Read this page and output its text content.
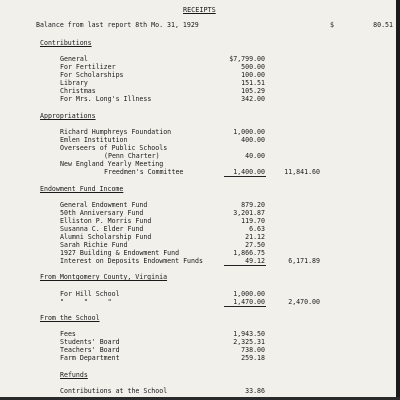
RECEIPTS
Balance from last report 8th Mo. 31, 1929	$	80.51
Contributions
General	$7,799.00
For Fertilizer	500.00
For Scholarships	100.00
Library	151.51
Christmas	105.29
For Mrs. Long's Illness	342.00
Appropriations
Richard Humphreys Foundation	1,000.00
Emlen Institution	400.00
Overseers of Public Schools
(Penn Charter)	40.00
New England Yearly Meeting
Freedmen's Committee	1,400.00	11,841.60
Endowment Fund Income
General Endowment Fund	879.20
50th Anniversary Fund	3,201.87
Elliston P. Morris Fund	119.70
Susanna C. Elder Fund	6.63
Alumni Scholarship Fund	21.12
Sarah Richie Fund	27.50
1927 Building & Endowment Fund	1,866.75
Interest on Deposits Endowment Funds	49.12	6,171.89
From Montgomery County, Virginia
For Hill School	1,000.00
"     "     "	1,470.00	2,470.00
From the School
Fees	1,943.50
Students' Board	2,325.31
Teachers' Board	738.00
Farm Department	259.18
Refunds
Contributions at the School	33.86
